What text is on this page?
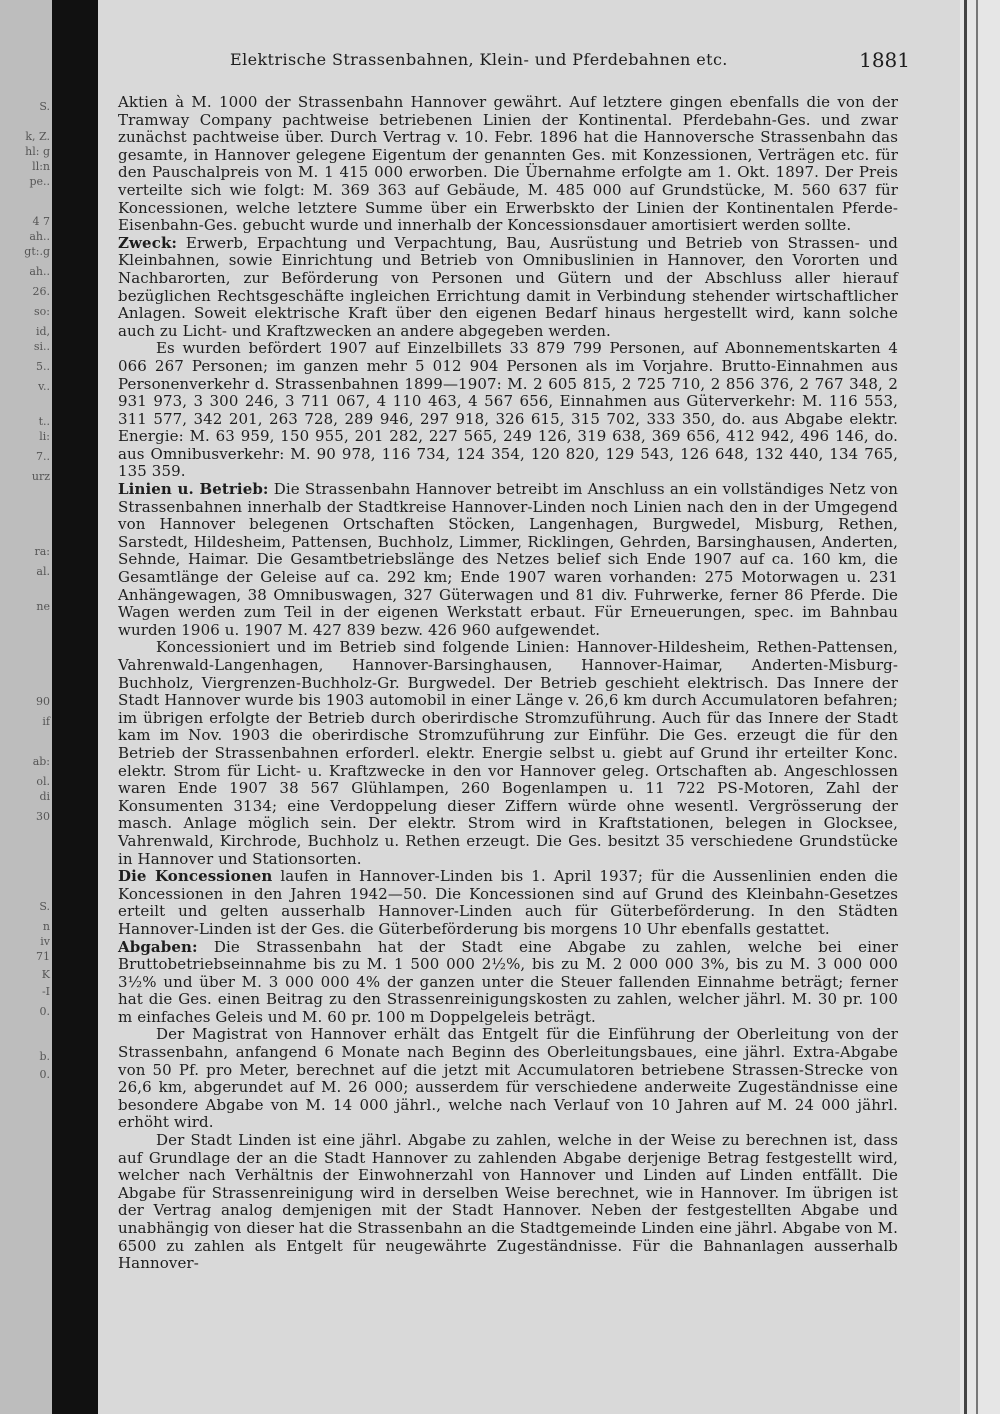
S.
k, Z.
hl: g
ll:n
pe..
4 7
ah..
gt:.g
ah..
26.
so:
id,
si..
5..
v..
t..
li:
7..
urz
ra:
al.
ne
90
if
ab:
ol.
di
30
S.
n
iv
71
K
-I
0.
b.
0.
Elektrische Strassenbahnen, Klein- und Pferdebahnen etc.	1881

Aktien à M. 1000 der Strassenbahn Hannover gewährt. Auf letztere gingen ebenfalls die von der Tramway Company pachtweise betriebenen Linien der Kontinental. Pferdebahn-Ges. und zwar zunächst pachtweise über. Durch Vertrag v. 10. Febr. 1896 hat die Hannoversche Strassenbahn das gesamte, in Hannover gelegene Eigentum der genannten Ges. mit Konzessionen, Verträgen etc. für den Pauschalpreis von M. 1 415 000 erworben. Die Übernahme erfolgte am 1. Okt. 1897. Der Preis verteilte sich wie folgt: M. 369 363 auf Gebäude, M. 485 000 auf Grundstücke, M. 560 637 für Koncessionen, welche letztere Summe über ein Erwerbskto der Linien der Kontinentalen Pferde-Eisenbahn-Ges. gebucht wurde und innerhalb der Koncessionsdauer amortisiert werden sollte.

Zweck: Erwerb, Erpachtung und Verpachtung, Bau, Ausrüstung und Betrieb von Strassen- und Kleinbahnen, sowie Einrichtung und Betrieb von Omnibuslinien in Hannover, den Vororten und Nachbarorten, zur Beförderung von Personen und Gütern und der Abschluss aller hierauf bezüglichen Rechtsgeschäfte ingleichen Errichtung damit in Verbindung stehender wirtschaftlicher Anlagen. Soweit elektrische Kraft über den eigenen Bedarf hinaus hergestellt wird, kann solche auch zu Licht- und Kraftzwecken an andere abgegeben werden.

Es wurden befördert 1907 auf Einzelbillets 33 879 799 Personen, auf Abonnementskarten 4 066 267 Personen; im ganzen mehr 5 012 904 Personen als im Vorjahre. Brutto-Einnahmen aus Personenverkehr d. Strassenbahnen 1899—1907: M. 2 605 815, 2 725 710, 2 856 376, 2 767 348, 2 931 973, 3 300 246, 3 711 067, 4 110 463, 4 567 656, Einnahmen aus Güterverkehr: M. 116 553, 311 577, 342 201, 263 728, 289 946, 297 918, 326 615, 315 702, 333 350, do. aus Abgabe elektr. Energie: M. 63 959, 150 955, 201 282, 227 565, 249 126, 319 638, 369 656, 412 942, 496 146, do. aus Omnibusverkehr: M. 90 978, 116 734, 124 354, 120 820, 129 543, 126 648, 132 440, 134 765, 135 359.

Linien u. Betrieb: Die Strassenbahn Hannover betreibt im Anschluss an ein vollständiges Netz von Strassenbahnen innerhalb der Stadtkreise Hannover-Linden noch Linien nach den in der Umgegend von Hannover belegenen Ortschaften Stöcken, Langenhagen, Burgwedel, Misburg, Rethen, Sarstedt, Hildesheim, Pattensen, Buchholz, Limmer, Ricklingen, Gehrden, Barsinghausen, Anderten, Sehnde, Haimar. Die Gesamtbetriebslänge des Netzes belief sich Ende 1907 auf ca. 160 km, die Gesamtlänge der Geleise auf ca. 292 km; Ende 1907 waren vorhanden: 275 Motorwagen u. 231 Anhängewagen, 38 Omnibuswagen, 327 Güterwagen und 81 div. Fuhrwerke, ferner 86 Pferde. Die Wagen werden zum Teil in der eigenen Werkstatt erbaut. Für Erneuerungen, spec. im Bahnbau wurden 1906 u. 1907 M. 427 839 bezw. 426 960 aufgewendet.

Koncessioniert und im Betrieb sind folgende Linien: Hannover-Hildesheim, Rethen-Pattensen, Vahrenwald-Langenhagen, Hannover-Barsinghausen, Hannover-Haimar, Anderten-Misburg-Buchholz, Viergrenzen-Buchholz-Gr. Burgwedel. Der Betrieb geschieht elektrisch. Das Innere der Stadt Hannover wurde bis 1903 automobil in einer Länge v. 26,6 km durch Accumulatoren befahren; im übrigen erfolgte der Betrieb durch oberirdische Stromzuführung. Auch für das Innere der Stadt kam im Nov. 1903 die oberirdische Stromzuführung zur Einführ. Die Ges. erzeugt die für den Betrieb der Strassenbahnen erforderl. elektr. Energie selbst u. giebt auf Grund ihr erteilter Konc. elektr. Strom für Licht- u. Kraftzwecke in den vor Hannover geleg. Ortschaften ab. Angeschlossen waren Ende 1907 38 567 Glühlampen, 260 Bogenlampen u. 11 722 PS-Motoren, Zahl der Konsumenten 3134; eine Verdoppelung dieser Ziffern würde ohne wesentl. Vergrösserung der masch. Anlage möglich sein. Der elektr. Strom wird in Kraftstationen, belegen in Glocksee, Vahrenwald, Kirchrode, Buchholz u. Rethen erzeugt. Die Ges. besitzt 35 verschiedene Grundstücke in Hannover und Stationsorten.

Die Koncessionen laufen in Hannover-Linden bis 1. April 1937; für die Aussenlinien enden die Koncessionen in den Jahren 1942—50. Die Koncessionen sind auf Grund des Kleinbahn-Gesetzes erteilt und gelten ausserhalb Hannover-Linden auch für Güterbeförderung. In den Städten Hannover-Linden ist der Ges. die Güterbeförderung bis morgens 10 Uhr ebenfalls gestattet.

Abgaben: Die Strassenbahn hat der Stadt eine Abgabe zu zahlen, welche bei einer Bruttobetriebseinnahme bis zu M. 1 500 000 2½%, bis zu M. 2 000 000 3%, bis zu M. 3 000 000 3½% und über M. 3 000 000 4% der ganzen unter die Steuer fallenden Einnahme beträgt; ferner hat die Ges. einen Beitrag zu den Strassenreinigungskosten zu zahlen, welcher jährl. M. 30 pr. 100 m einfaches Geleis und M. 60 pr. 100 m Doppelgeleis beträgt.

Der Magistrat von Hannover erhält das Entgelt für die Einführung der Oberleitung von der Strassenbahn, anfangend 6 Monate nach Beginn des Oberleitungsbaues, eine jährl. Extra-Abgabe von 50 Pf. pro Meter, berechnet auf die jetzt mit Accumulatoren betriebene Strassen-Strecke von 26,6 km, abgerundet auf M. 26 000; ausserdem für verschiedene anderweite Zugeständnisse eine besondere Abgabe von M. 14 000 jährl., welche nach Verlauf von 10 Jahren auf M. 24 000 jährl. erhöht wird.

Der Stadt Linden ist eine jährl. Abgabe zu zahlen, welche in der Weise zu berechnen ist, dass auf Grundlage der an die Stadt Hannover zu zahlenden Abgabe derjenige Betrag festgestellt wird, welcher nach Verhältnis der Einwohnerzahl von Hannover und Linden auf Linden entfällt. Die Abgabe für Strassenreinigung wird in derselben Weise berechnet, wie in Hannover. Im übrigen ist der Vertrag analog demjenigen mit der Stadt Hannover. Neben der festgestellten Abgabe und unabhängig von dieser hat die Strassenbahn an die Stadtgemeinde Linden eine jährl. Abgabe von M. 6500 zu zahlen als Entgelt für neugewährte Zugeständnisse. Für die Bahnanlagen ausserhalb Hannover-
